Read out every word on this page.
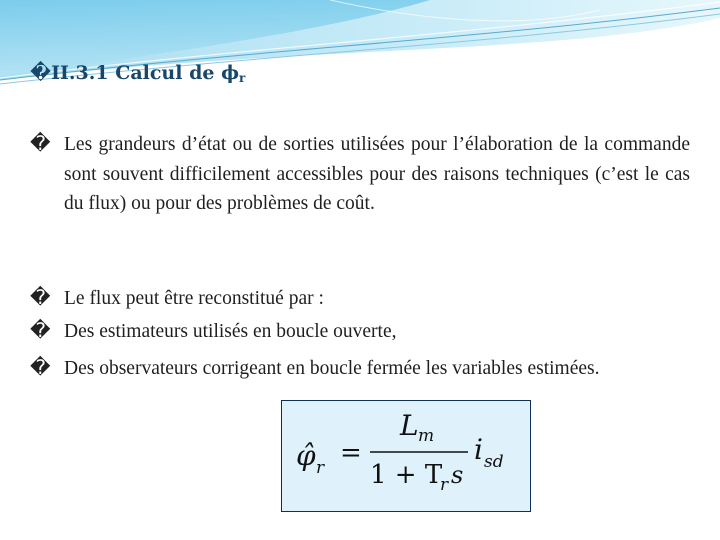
�II.3.1 Calcul de $\phi_r$
� Les grandeurs d’état ou de sorties utilisées pour l’élaboration de la commande sont souvent difficilement accessibles pour des raisons techniques (c’est le cas du flux) ou pour des problèmes de coût.
� Le flux peut être reconstitué par :
� Des estimateurs utilisés en boucle ouverte,
� Des observateurs corrigeant en boucle fermée les variables estimées.
φ̂ r =
L m
1 + T
r s
i sd
